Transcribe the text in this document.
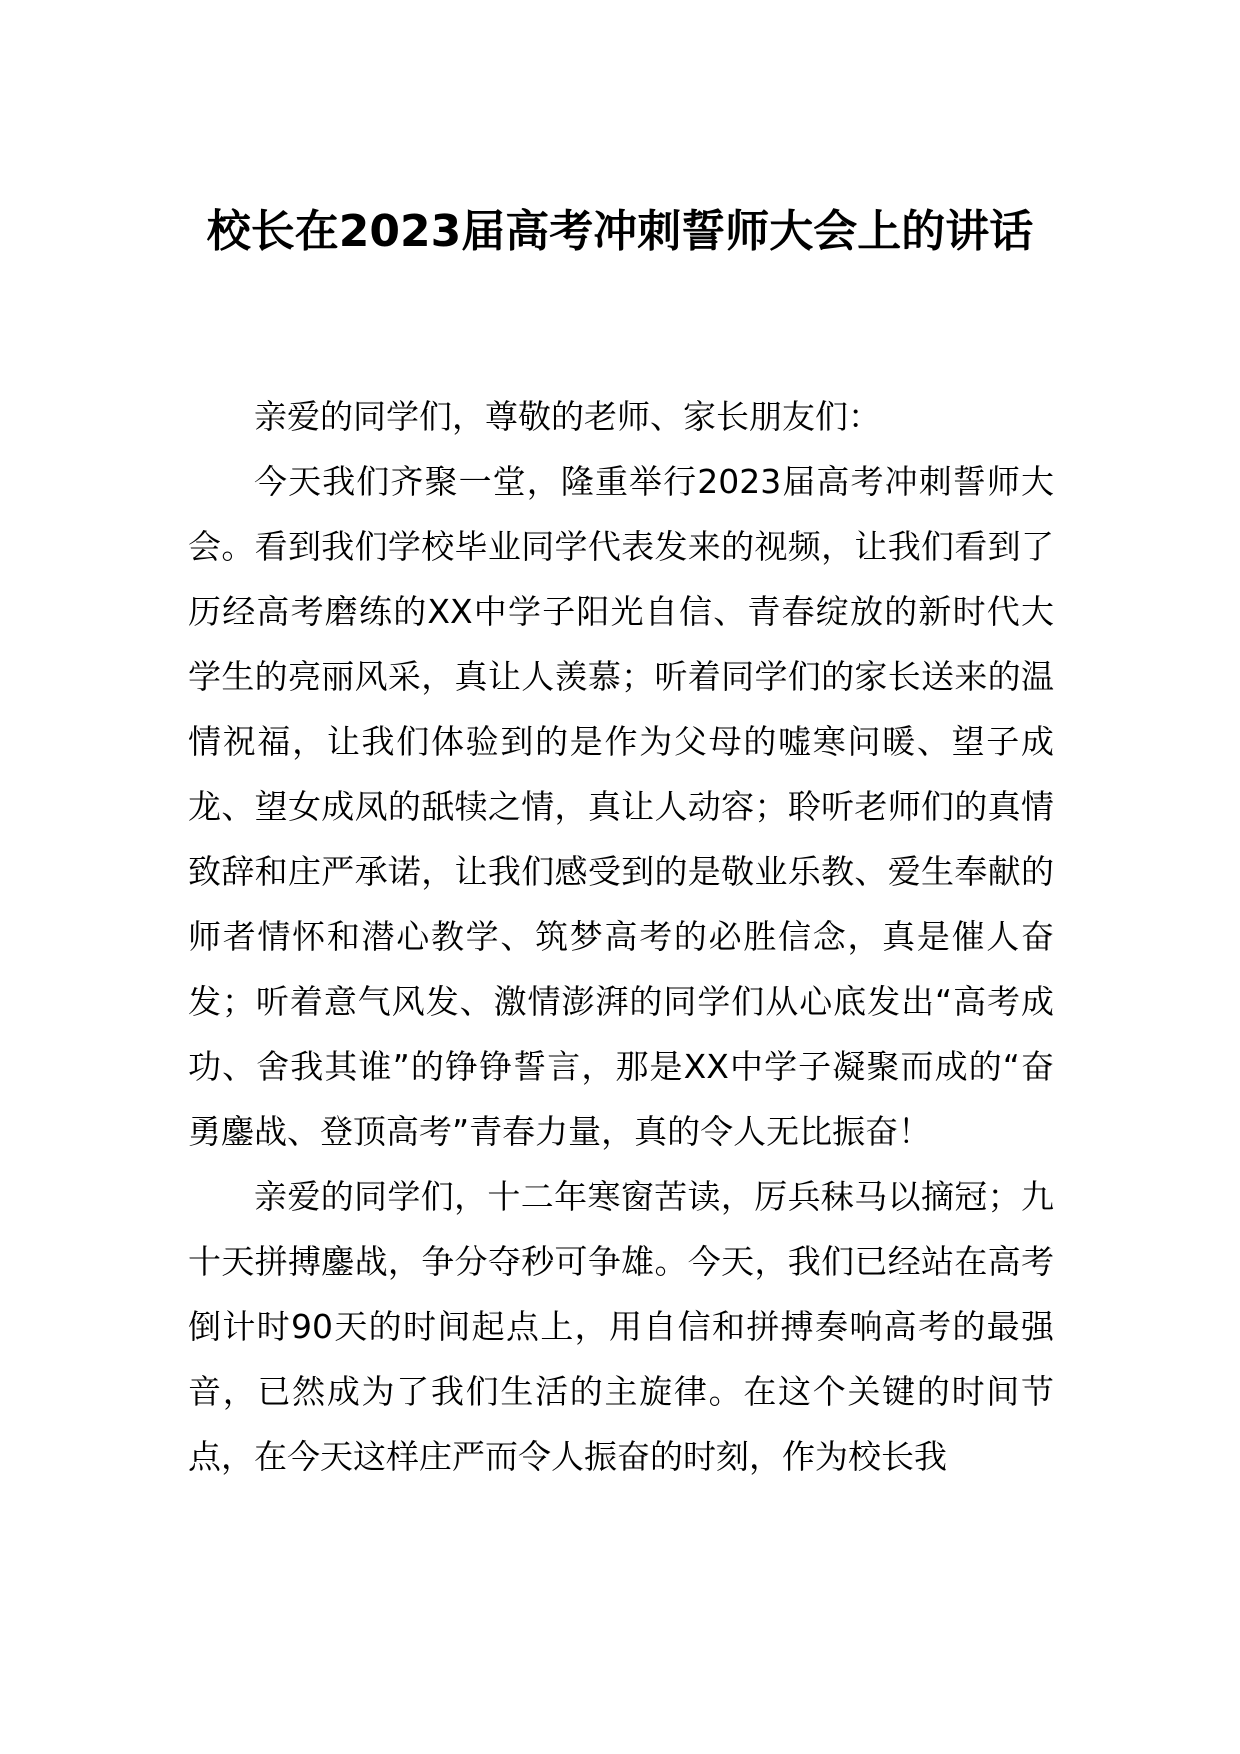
校长在2023届高考冲刺誓师大会上的讲话

亲爱的同学们，尊敬的老师、家长朋友们：

今天我们齐聚一堂，隆重举行2023届高考冲刺誓师大会。看到我们学校毕业同学代表发来的视频，让我们看到了历经高考磨练的XX中学子阳光自信、青春绽放的新时代大学生的亮丽风采，真让人羡慕；听着同学们的家长送来的温情祝福，让我们体验到的是作为父母的嘘寒问暖、望子成龙、望女成凤的舐犊之情，真让人动容；聆听老师们的真情致辞和庄严承诺，让我们感受到的是敬业乐教、爱生奉献的师者情怀和潜心教学、筑梦高考的必胜信念，真是催人奋发；听着意气风发、激情澎湃的同学们从心底发出“高考成功、舍我其谁”的铮铮誓言，那是XX中学子凝聚而成的“奋勇鏖战、登顶高考”青春力量，真的令人无比振奋！

亲爱的同学们，十二年寒窗苦读，厉兵秣马以摘冠；九十天拼搏鏖战，争分夺秒可争雄。今天，我们已经站在高考倒计时90天的时间起点上，用自信和拼搏奏响高考的最强音，已然成为了我们生活的主旋律。在这个关键的时间节点，在今天这样庄严而令人振奋的时刻，作为校长我
